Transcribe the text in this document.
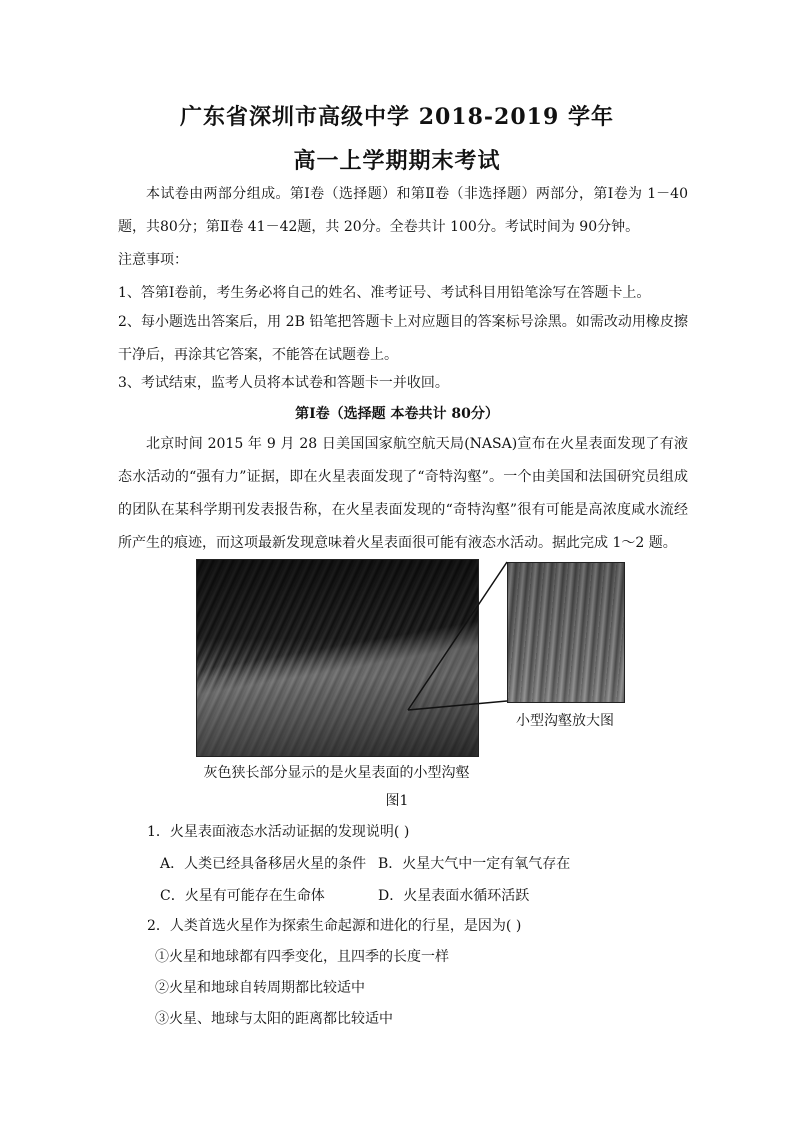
广东省深圳市高级中学 2018-2019 学年
高一上学期期末考试
本试卷由两部分组成。第Ⅰ卷（选择题）和第Ⅱ卷（非选择题）两部分，第Ⅰ卷为 1－40题，共80分；第Ⅱ卷 41－42题，共 20分。全卷共计 100分。考试时间为 90分钟。
注意事项：
1、答第Ⅰ卷前，考生务必将自己的姓名、准考证号、考试科目用铅笔涂写在答题卡上。
2、每小题选出答案后，用 2B 铅笔把答题卡上对应题目的答案标号涂黑。如需改动用橡皮擦干净后，再涂其它答案，不能答在试题卷上。
3、考试结束，监考人员将本试卷和答题卡一并收回。
第Ⅰ卷（选择题 本卷共计 80分）
北京时间 2015 年 9 月 28 日美国国家航空航天局(NASA)宣布在火星表面发现了有液态水活动的“强有力”证据，即在火星表面发现了“奇特沟壑”。一个由美国和法国研究员组成的团队在某科学期刊发表报告称，在火星表面发现的“奇特沟壑”很有可能是高浓度咸水流经所产生的痕迹，而这项最新发现意味着火星表面很可能有液态水活动。据此完成 1～2 题。
小型沟壑放大图
灰色狭长部分显示的是火星表面的小型沟壑
图1
1．火星表面液态水活动证据的发现说明( )
A．人类已经具备移居火星的条件 B．火星大气中一定有氧气存在
C．火星有可能存在生命体	D．火星表面水循环活跃
2．人类首选火星作为探索生命起源和进化的行星，是因为( )
①火星和地球都有四季变化，且四季的长度一样
②火星和地球自转周期都比较适中
③火星、地球与太阳的距离都比较适中
